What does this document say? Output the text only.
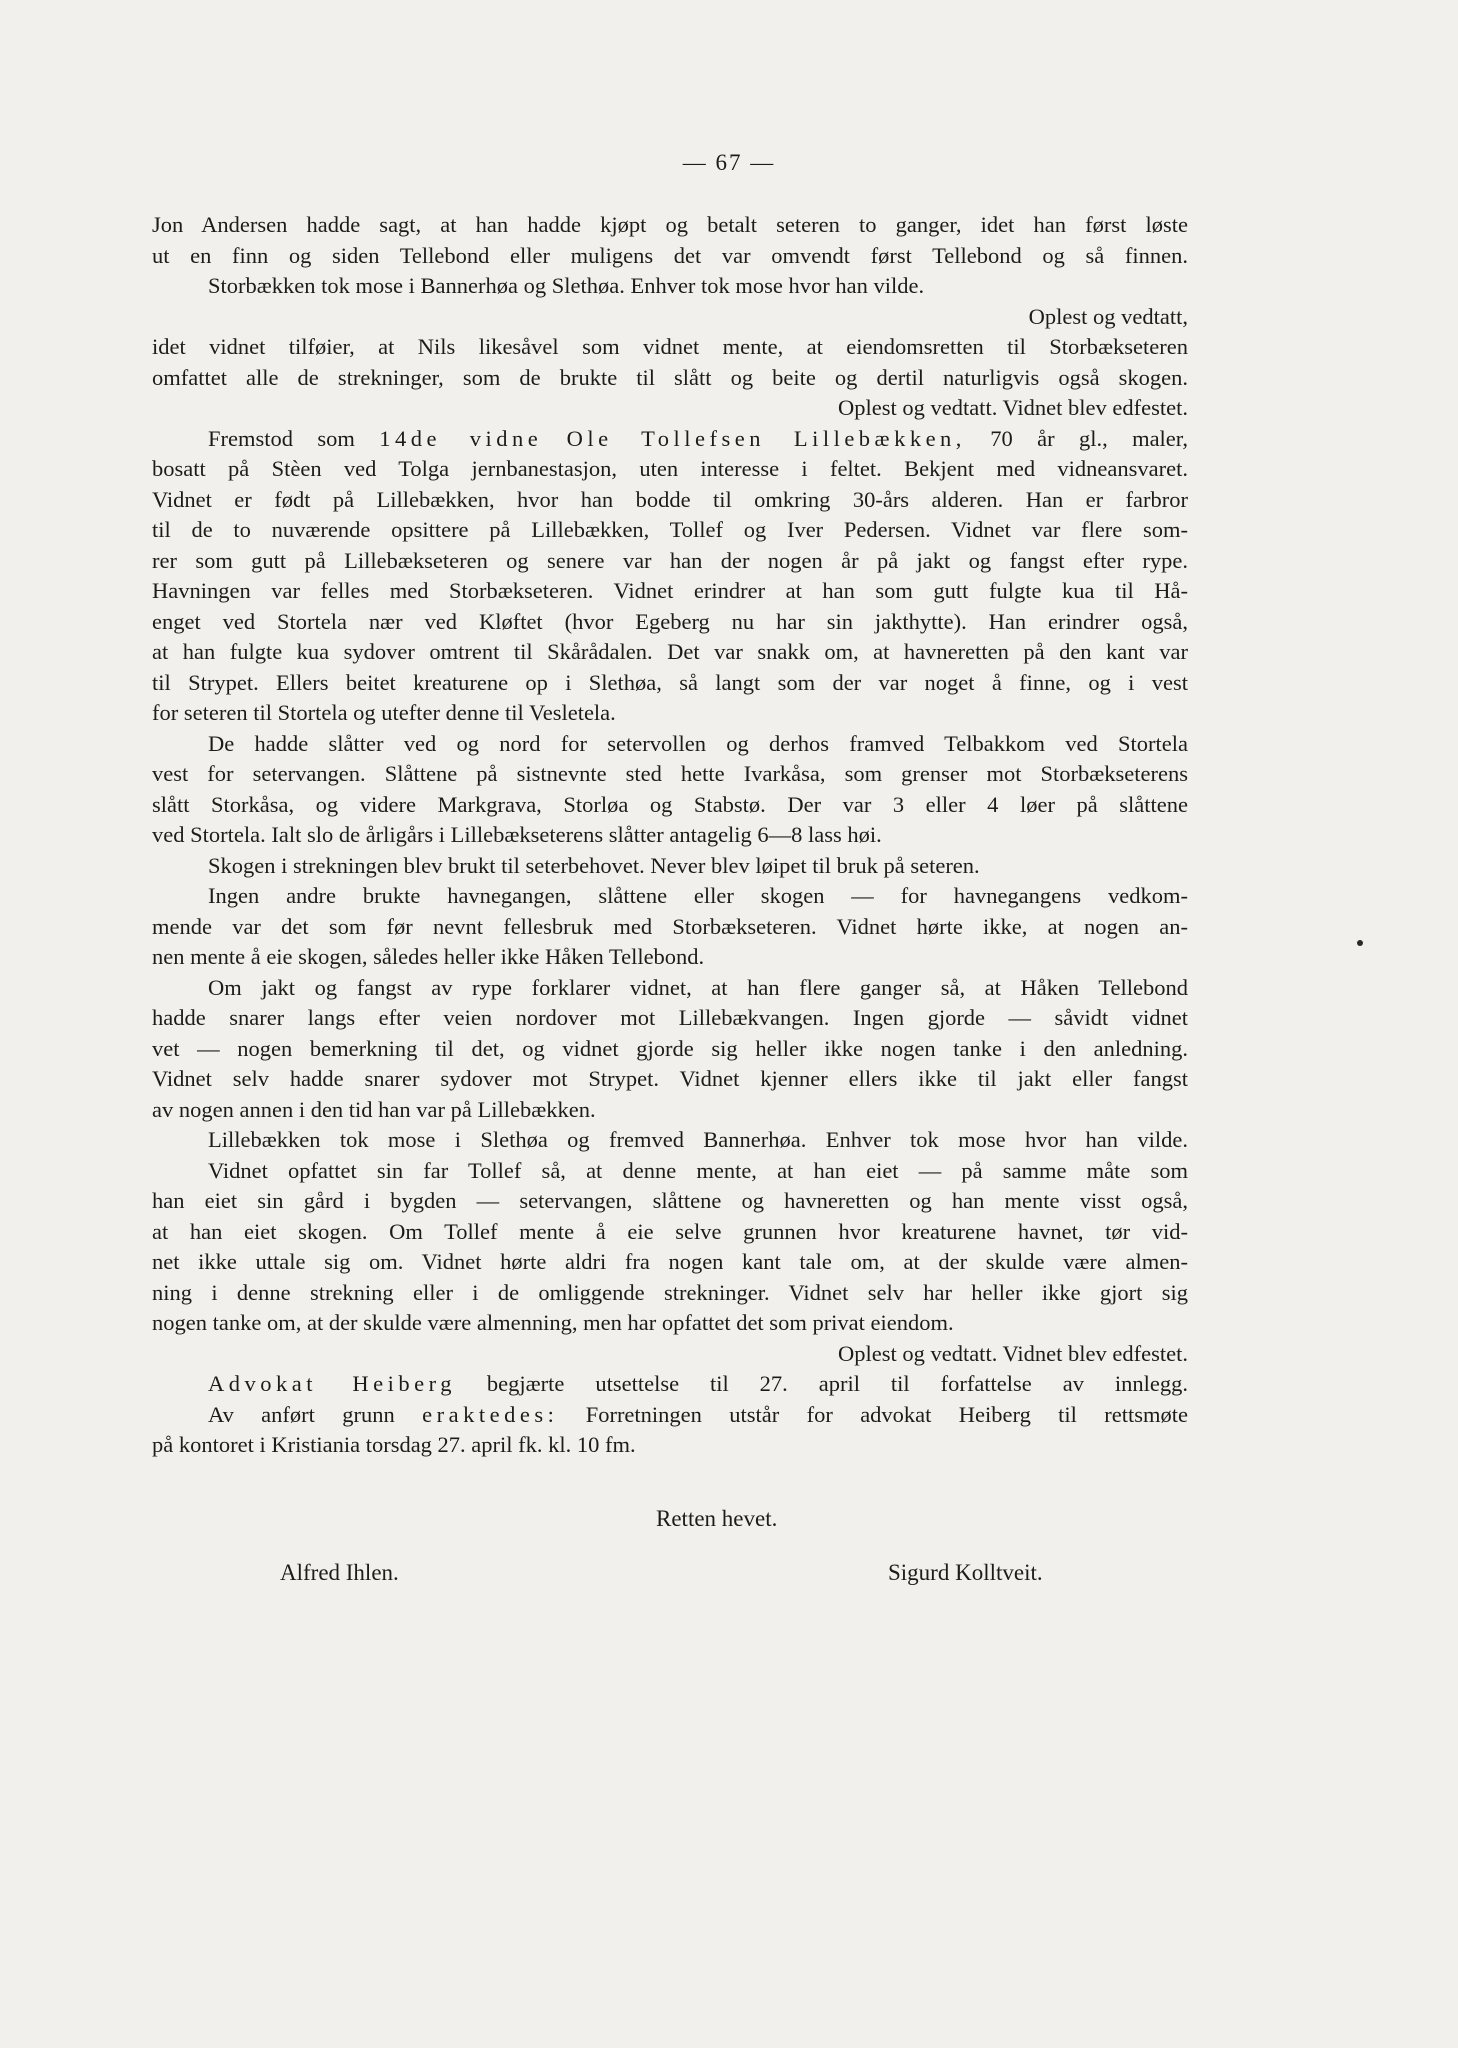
— 67 —
Jon Andersen hadde sagt, at han hadde kjøpt og betalt seteren to ganger, idet han først løste
ut en finn og siden Tellebond eller muligens det var omvendt først Tellebond og så finnen.
Storbækken tok mose i Bannerhøa og Slethøa. Enhver tok mose hvor han vilde.
Oplest og vedtatt,
idet vidnet tilføier, at Nils likesåvel som vidnet mente, at eiendomsretten til Storbækseteren
omfattet alle de strekninger, som de brukte til slått og beite og dertil naturligvis også skogen.
Oplest og vedtatt. Vidnet blev edfestet.
Fremstod som 14de vidne Ole Tollefsen Lillebækken, 70 år gl., maler,
bosatt på Stèen ved Tolga jernbanestasjon, uten interesse i feltet. Bekjent med vidneansvaret.
Vidnet er født på Lillebækken, hvor han bodde til omkring 30-års alderen. Han er farbror
til de to nuværende opsittere på Lillebækken, Tollef og Iver Pedersen. Vidnet var flere som-
rer som gutt på Lillebækseteren og senere var han der nogen år på jakt og fangst efter rype.
Havningen var felles med Storbækseteren. Vidnet erindrer at han som gutt fulgte kua til Hå-
enget ved Stortela nær ved Kløftet (hvor Egeberg nu har sin jakthytte). Han erindrer også,
at han fulgte kua sydover omtrent til Skårådalen. Det var snakk om, at havneretten på den kant var
til Strypet. Ellers beitet kreaturene op i Slethøa, så langt som der var noget å finne, og i vest
for seteren til Stortela og utefter denne til Vesletela.
De hadde slåtter ved og nord for setervollen og derhos framved Telbakkom ved Stortela
vest for setervangen. Slåttene på sistnevnte sted hette Ivarkåsa, som grenser mot Storbækseterens
slått Storkåsa, og videre Markgrava, Storløa og Stabstø. Der var 3 eller 4 løer på slåttene
ved Stortela. Ialt slo de årligårs i Lillebækseterens slåtter antagelig 6—8 lass høi.
Skogen i strekningen blev brukt til seterbehovet. Never blev løipet til bruk på seteren.
Ingen andre brukte havnegangen, slåttene eller skogen — for havnegangens vedkom-
mende var det som før nevnt fellesbruk med Storbækseteren. Vidnet hørte ikke, at nogen an-
nen mente å eie skogen, således heller ikke Håken Tellebond.
Om jakt og fangst av rype forklarer vidnet, at han flere ganger så, at Håken Tellebond
hadde snarer langs efter veien nordover mot Lillebækvangen. Ingen gjorde — såvidt vidnet
vet — nogen bemerkning til det, og vidnet gjorde sig heller ikke nogen tanke i den anledning.
Vidnet selv hadde snarer sydover mot Strypet. Vidnet kjenner ellers ikke til jakt eller fangst
av nogen annen i den tid han var på Lillebækken.
Lillebækken tok mose i Slethøa og fremved Bannerhøa. Enhver tok mose hvor han vilde.
Vidnet opfattet sin far Tollef så, at denne mente, at han eiet — på samme måte som
han eiet sin gård i bygden — setervangen, slåttene og havneretten og han mente visst også,
at han eiet skogen. Om Tollef mente å eie selve grunnen hvor kreaturene havnet, tør vid-
net ikke uttale sig om. Vidnet hørte aldri fra nogen kant tale om, at der skulde være almen-
ning i denne strekning eller i de omliggende strekninger. Vidnet selv har heller ikke gjort sig
nogen tanke om, at der skulde være almenning, men har opfattet det som privat eiendom.
Oplest og vedtatt. Vidnet blev edfestet.
Advokat Heiberg begjærte utsettelse til 27. april til forfattelse av innlegg.
Av anført grunn eraktedes: Forretningen utstår for advokat Heiberg til rettsmøte
på kontoret i Kristiania torsdag 27. april fk. kl. 10 fm.
Retten hevet.
Alfred Ihlen.	Sigurd Kolltveit.
